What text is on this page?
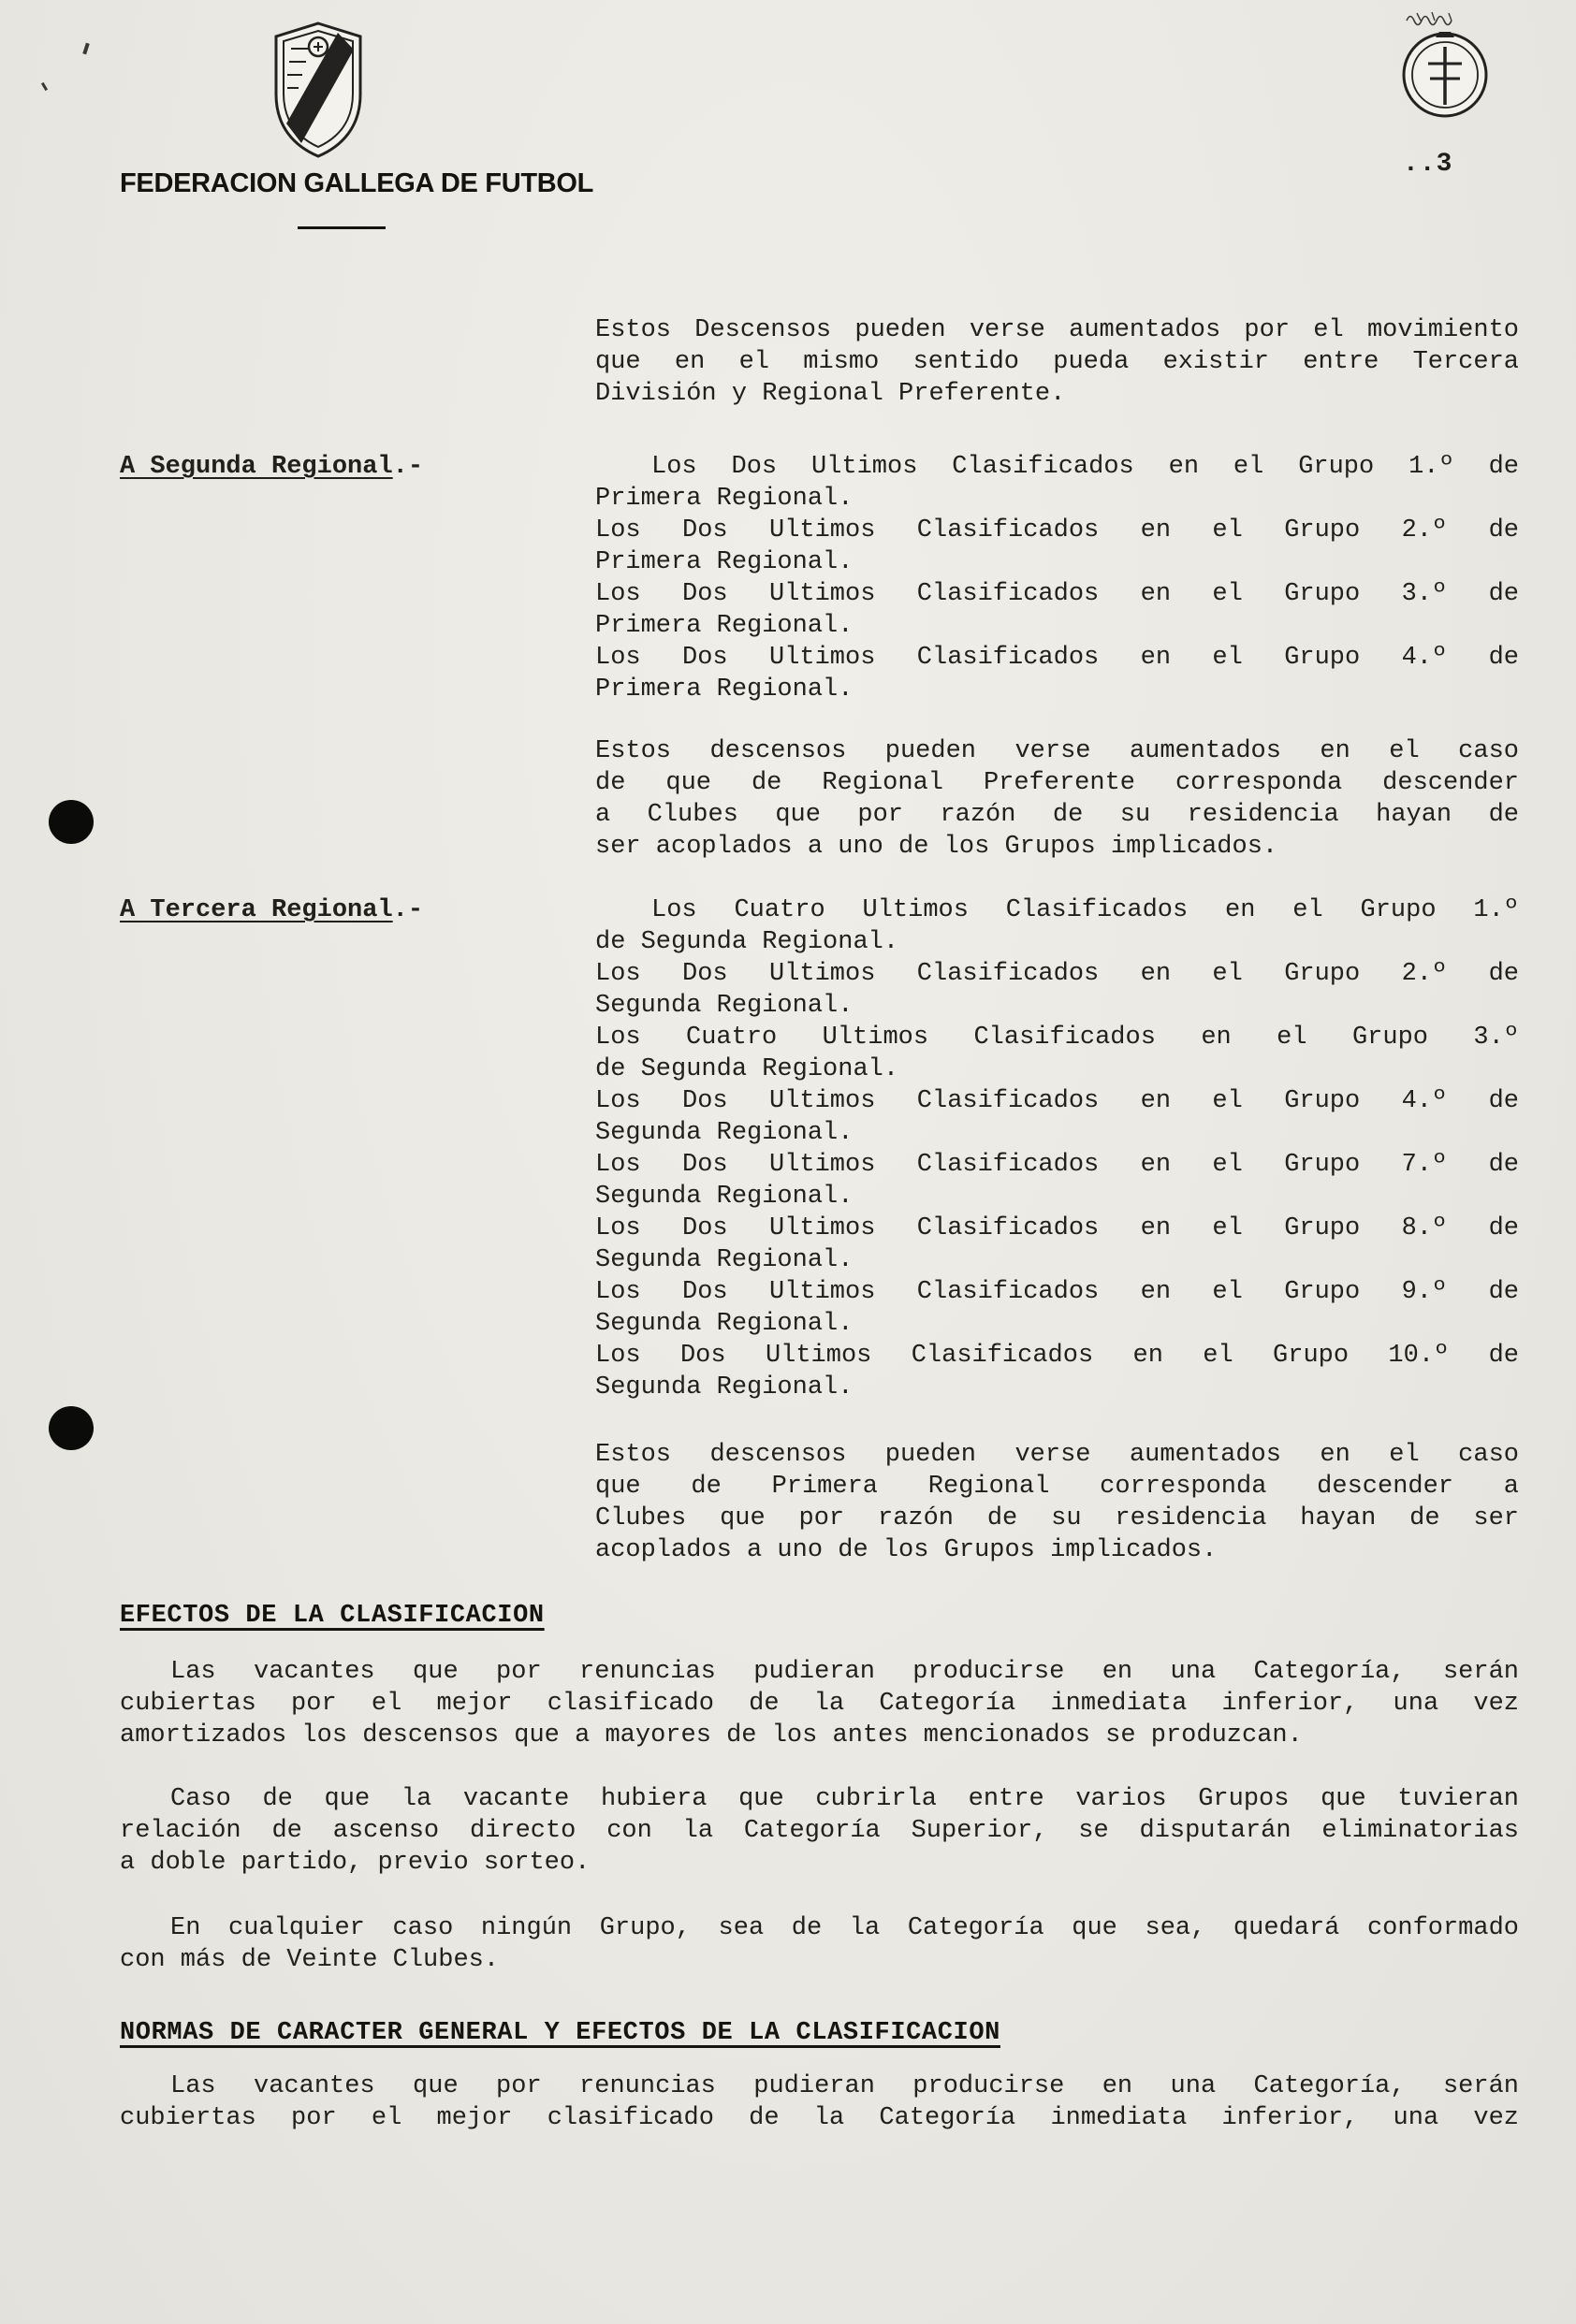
FEDERACION GALLEGA DE FUTBOL
..3

Estos Descensos pueden verse aumentados por el movimiento
que en el mismo sentido pueda existir entre Tercera
División y Regional Preferente.

A Segunda Regional.-	Los Dos Ultimos Clasificados en el Grupo 1.º de
Primera Regional.

Los Dos Ultimos Clasificados en el Grupo 2.º de
Primera Regional.

Los Dos Ultimos Clasificados en el Grupo 3.º de
Primera Regional.

Los Dos Ultimos Clasificados en el Grupo 4.º de
Primera Regional.

Estos descensos pueden verse aumentados en el caso
de que de Regional Preferente corresponda descender
a Clubes que por razón de su residencia hayan de
ser acoplados a uno de los Grupos implicados.

A Tercera Regional.-	Los Cuatro Ultimos Clasificados en el Grupo 1.º
de Segunda Regional.

Los Dos Ultimos Clasificados en el Grupo 2.º de
Segunda Regional.

Los Cuatro Ultimos Clasificados en el Grupo 3.º
de Segunda Regional.

Los Dos Ultimos Clasificados en el Grupo 4.º de
Segunda Regional.

Los Dos Ultimos Clasificados en el Grupo 7.º de
Segunda Regional.

Los Dos Ultimos Clasificados en el Grupo 8.º de
Segunda Regional.

Los Dos Ultimos Clasificados en el Grupo 9.º de
Segunda Regional.

Los Dos Ultimos Clasificados en el Grupo 10.º de
Segunda Regional.

Estos descensos pueden verse aumentados en el caso
que de Primera Regional corresponda descender a
Clubes que por razón de su residencia hayan de ser
acoplados a uno de los Grupos implicados.

EFECTOS DE LA CLASIFICACION

Las vacantes que por renuncias pudieran producirse en una Categoría, serán
cubiertas por el mejor clasificado de la Categoría inmediata inferior, una vez
amortizados los descensos que a mayores de los antes mencionados se produzcan.

Caso de que la vacante hubiera que cubrirla entre varios Grupos que tuvieran
relación de ascenso directo con la Categoría Superior, se disputarán eliminatorias
a doble partido, previo sorteo.

En cualquier caso ningún Grupo, sea de la Categoría que sea, quedará conformado
con más de Veinte Clubes.

NORMAS DE CARACTER GENERAL Y EFECTOS DE LA CLASIFICACION

Las vacantes que por renuncias pudieran producirse en una Categoría, serán
cubiertas por el mejor clasificado de la Categoría inmediata inferior, una vez
